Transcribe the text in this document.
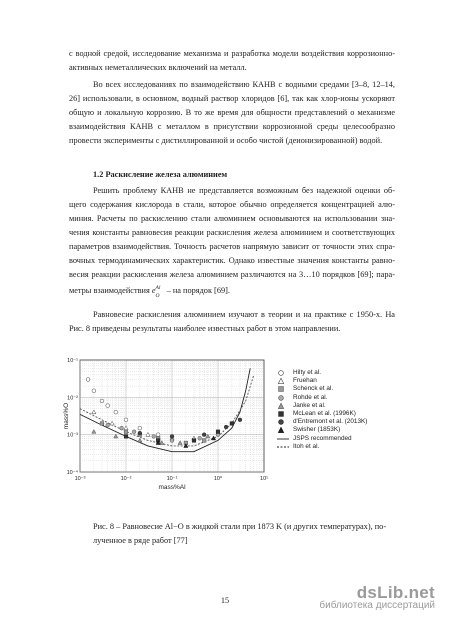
с водной средой, исследование механизма и разработка модели воздействия коррозионно-
активных неметаллических включений на металл.
Во всех исследованиях по взаимодействию КАНВ с водными средами [3–8, 12–14,
26] использовали, в основном, водный раствор хлоридов [6], так как хлор-ионы ускоряют
общую и локальную коррозию. В то же время для общности представлений о механизме
взаимодействия КАНВ с металлом в присутствии коррозионной среды целесообразно
провести эксперименты с дистиллированной и особо чистой (деионизированной) водой.
1.2 Раскисление железа алюминием
Решить проблему КАНВ не представляется возможным без надежной оценки об-
щего содержания кислорода в стали, которое обычно определяется концентрацией алю-
миния. Расчеты по раскислению стали алюминием основываются на использовании зна-
чения константы равновесия реакции раскисления железа алюминием и соответствующих
параметров взаимодействия. Точность расчетов напрямую зависит от точности этих спра-
вочных термодинамических характеристик. Однако известные значения константы равно-
весия реакции раскисления железа алюминием различаются на 3…10 порядков [69]; пара-
метры взаимодействия e Al
O
– на порядок [69].
Равновесие раскисления алюминием изучают в теории и на практике с 1950-х. На
Рис. 8 приведены результаты наиболее известных работ в этом направлении.
10⁻³	10⁻²	10⁻¹	10⁰	10¹
10⁻¹
10⁻²
10⁻³
10⁻⁴
mass%Al
mass%O
Hilty et al.
Fruehan
Schenck et al.
Rohde et al.
Janke et al.
McLean et al. (1996K)
d'Entremont et al. (2013K)
Swisher (1853K)
JSPS recommended
Itoh et al.
Рис. 8 – Равновесие Al−O в жидкой стали при 1873 K (и других температурах), по-
лученное в ряде работ [77]
15	dsLib.net
библиотека диссертаций
